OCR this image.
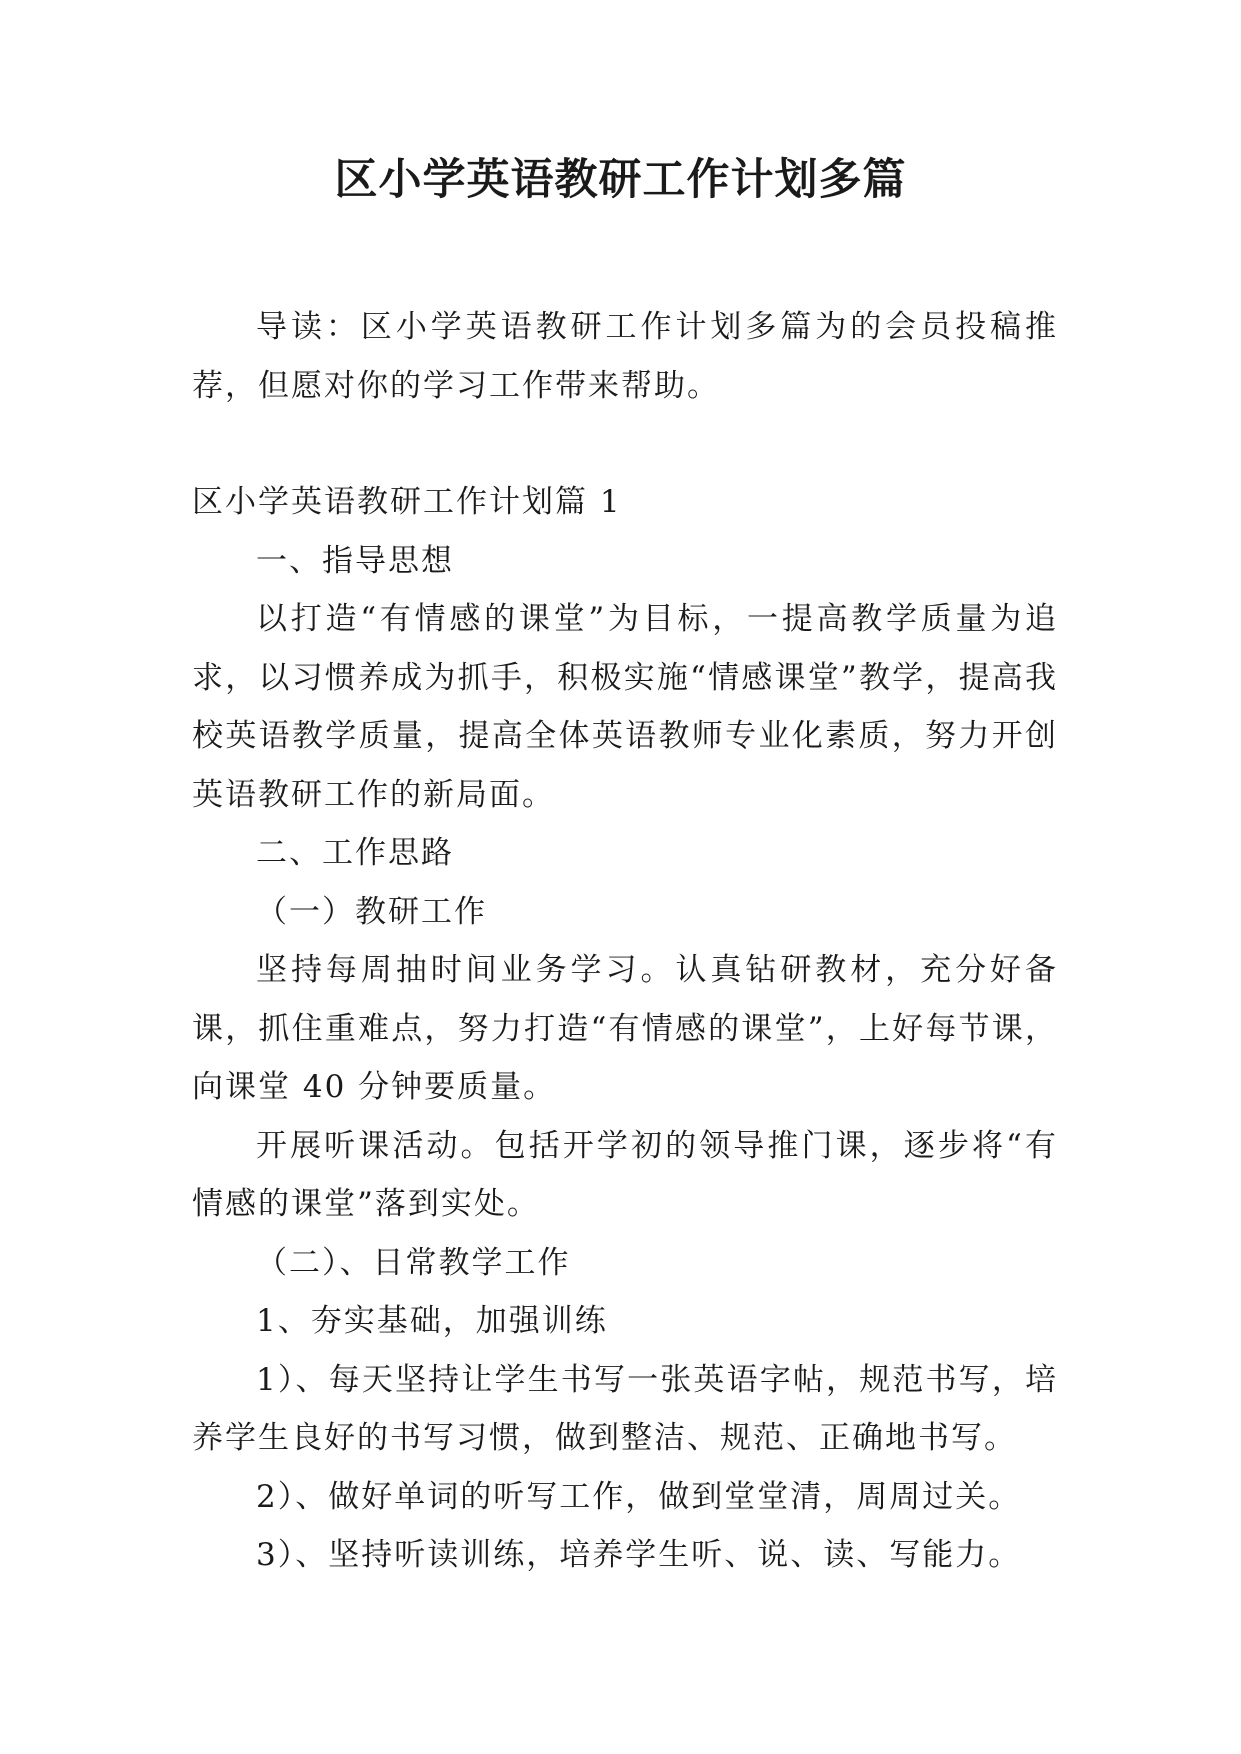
区小学英语教研工作计划多篇

导读：区小学英语教研工作计划多篇为的会员投稿推荐，但愿对你的学习工作带来帮助。

区小学英语教研工作计划篇 1

一、指导思想

以打造“有情感的课堂”为目标，一提高教学质量为追求，以习惯养成为抓手，积极实施“情感课堂”教学，提高我校英语教学质量，提高全体英语教师专业化素质，努力开创英语教研工作的新局面。

二、工作思路

（一）教研工作

坚持每周抽时间业务学习。认真钻研教材，充分好备课，抓住重难点，努力打造“有情感的课堂”，上好每节课，向课堂 40 分钟要质量。

开展听课活动。包括开学初的领导推门课，逐步将“有情感的课堂”落到实处。

（二）、日常教学工作

1、夯实基础，加强训练

1）、每天坚持让学生书写一张英语字帖，规范书写，培养学生良好的书写习惯，做到整洁、规范、正确地书写。

2）、做好单词的听写工作，做到堂堂清，周周过关。

3）、坚持听读训练，培养学生听、说、读、写能力。
